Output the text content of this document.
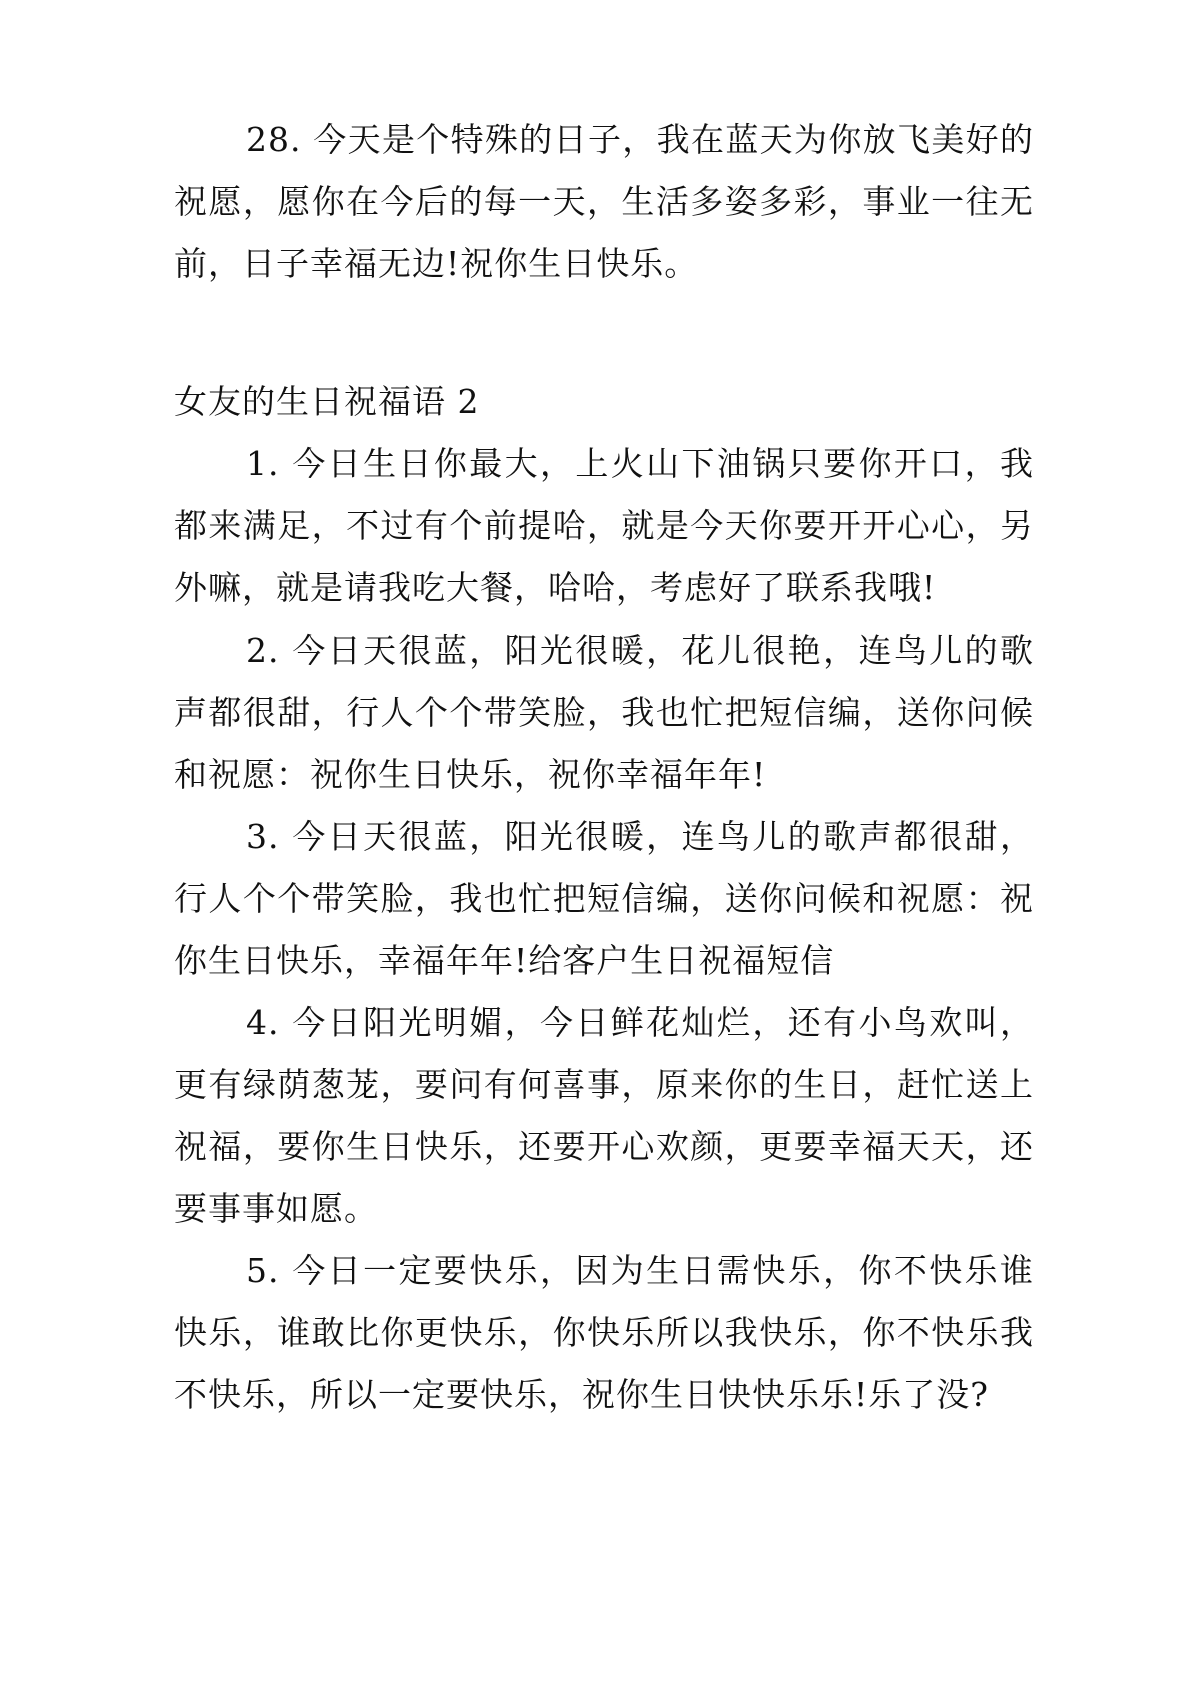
28. 今天是个特殊的日子，我在蓝天为你放飞美好的祝愿，愿你在今后的每一天，生活多姿多彩，事业一往无前，日子幸福无边!祝你生日快乐。

女友的生日祝福语 2

1. 今日生日你最大，上火山下油锅只要你开口，我都来满足，不过有个前提哈，就是今天你要开开心心，另外嘛，就是请我吃大餐，哈哈，考虑好了联系我哦!

2. 今日天很蓝，阳光很暖，花儿很艳，连鸟儿的歌声都很甜，行人个个带笑脸，我也忙把短信编，送你问候和祝愿：祝你生日快乐，祝你幸福年年!

3. 今日天很蓝，阳光很暖，连鸟儿的歌声都很甜，行人个个带笑脸，我也忙把短信编，送你问候和祝愿：祝你生日快乐，幸福年年!给客户生日祝福短信

4. 今日阳光明媚，今日鲜花灿烂，还有小鸟欢叫，更有绿荫葱茏，要问有何喜事，原来你的生日，赶忙送上祝福，要你生日快乐，还要开心欢颜，更要幸福天天，还要事事如愿。

5. 今日一定要快乐，因为生日需快乐，你不快乐谁快乐，谁敢比你更快乐，你快乐所以我快乐，你不快乐我不快乐，所以一定要快乐，祝你生日快快乐乐!乐了没?
